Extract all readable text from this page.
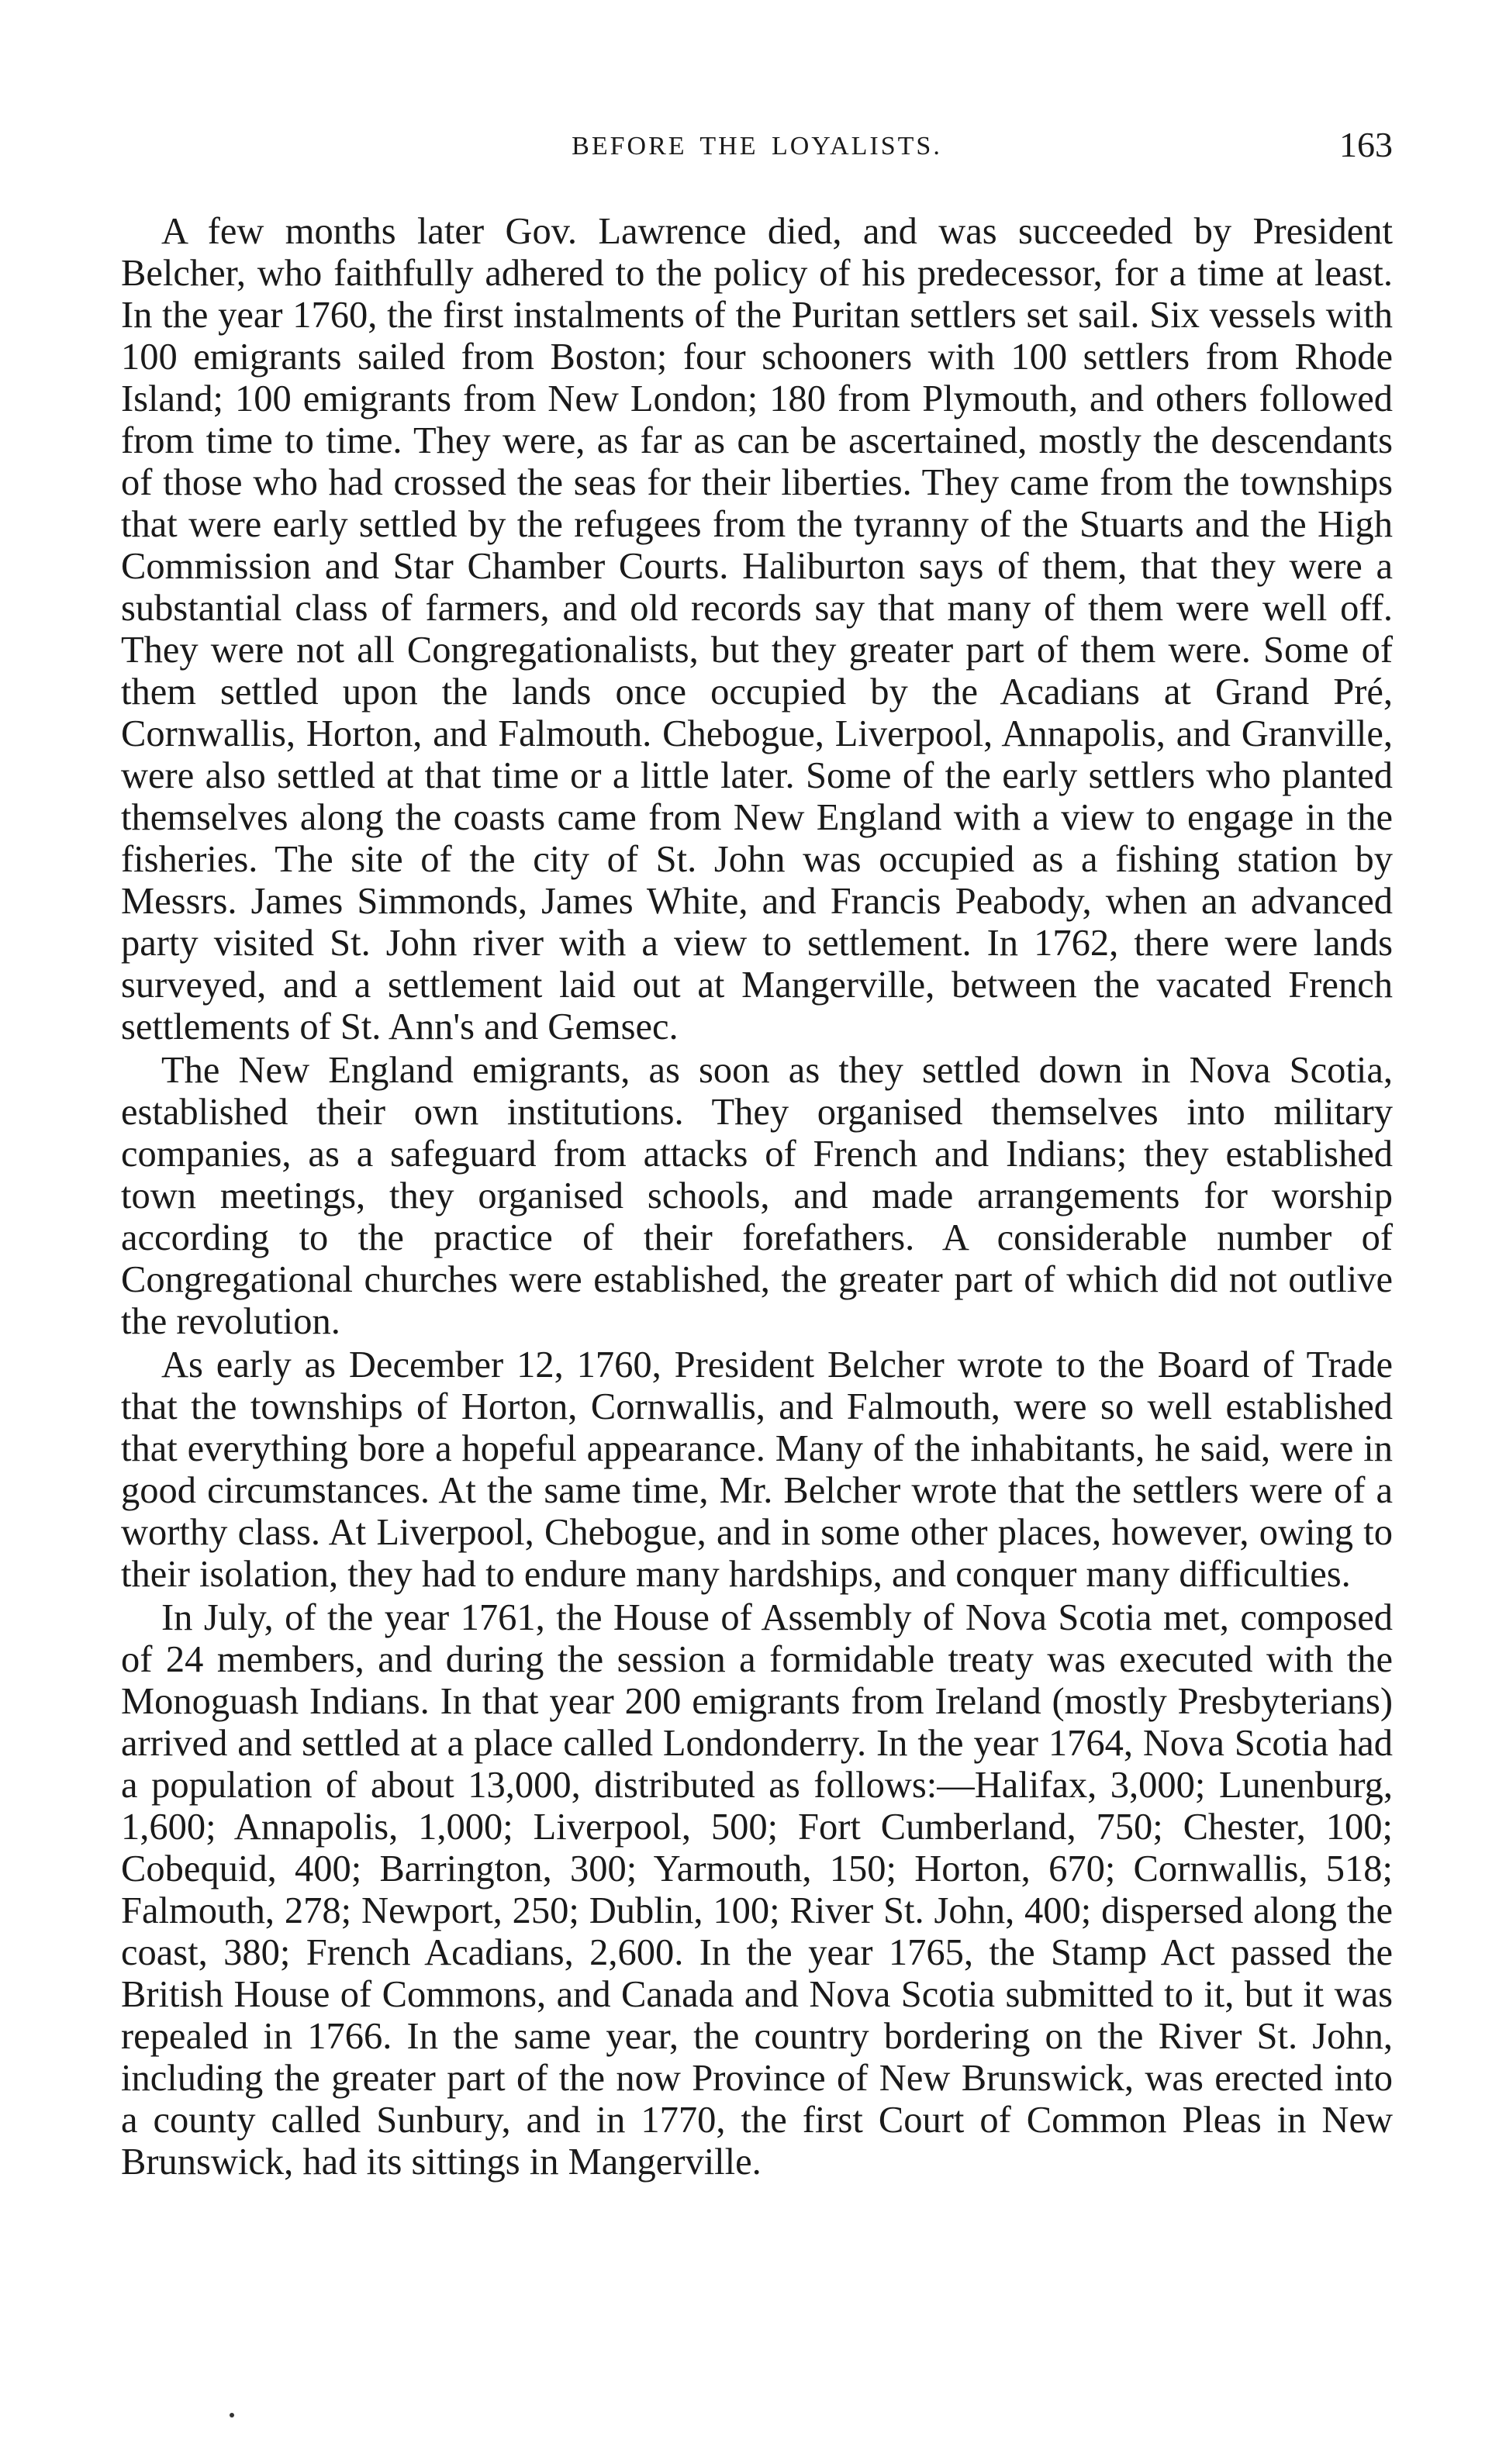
BEFORE THE LOYALISTS.	163

A few months later Gov. Lawrence died, and was succeeded by President Belcher, who faithfully adhered to the policy of his predecessor, for a time at least. In the year 1760, the first instalments of the Puritan settlers set sail. Six vessels with 100 emigrants sailed from Boston; four schooners with 100 settlers from Rhode Island; 100 emigrants from New London; 180 from Plymouth, and others followed from time to time. They were, as far as can be ascertained, mostly the descendants of those who had crossed the seas for their liberties. They came from the townships that were early settled by the refugees from the tyranny of the Stuarts and the High Commission and Star Chamber Courts. Haliburton says of them, that they were a substantial class of farmers, and old records say that many of them were well off. They were not all Congregationalists, but they greater part of them were. Some of them settled upon the lands once occupied by the Acadians at Grand Pré, Cornwallis, Horton, and Falmouth. Chebogue, Liverpool, Annapolis, and Granville, were also settled at that time or a little later. Some of the early settlers who planted themselves along the coasts came from New England with a view to engage in the fisheries. The site of the city of St. John was occupied as a fishing station by Messrs. James Simmonds, James White, and Francis Peabody, when an advanced party visited St. John river with a view to settlement. In 1762, there were lands surveyed, and a settlement laid out at Mangerville, between the vacated French settlements of St. Ann's and Gemsec.

The New England emigrants, as soon as they settled down in Nova Scotia, established their own institutions. They organised themselves into military companies, as a safeguard from attacks of French and Indians; they established town meetings, they organised schools, and made arrangements for worship according to the practice of their forefathers. A considerable number of Congregational churches were established, the greater part of which did not outlive the revolution.

As early as December 12, 1760, President Belcher wrote to the Board of Trade that the townships of Horton, Cornwallis, and Falmouth, were so well established that everything bore a hopeful appearance. Many of the inhabitants, he said, were in good circumstances. At the same time, Mr. Belcher wrote that the settlers were of a worthy class. At Liverpool, Chebogue, and in some other places, however, owing to their isolation, they had to endure many hardships, and conquer many difficulties.

In July, of the year 1761, the House of Assembly of Nova Scotia met, composed of 24 members, and during the session a formidable treaty was executed with the Monoguash Indians. In that year 200 emigrants from Ireland (mostly Presbyterians) arrived and settled at a place called Londonderry. In the year 1764, Nova Scotia had a population of about 13,000, distributed as follows:—Halifax, 3,000; Lunenburg, 1,600; Annapolis, 1,000; Liverpool, 500; Fort Cumberland, 750; Chester, 100; Cobequid, 400; Barrington, 300; Yarmouth, 150; Horton, 670; Cornwallis, 518; Falmouth, 278; Newport, 250; Dublin, 100; River St. John, 400; dispersed along the coast, 380; French Acadians, 2,600. In the year 1765, the Stamp Act passed the British House of Commons, and Canada and Nova Scotia submitted to it, but it was repealed in 1766. In the same year, the country bordering on the River St. John, including the greater part of the now Province of New Brunswick, was erected into a county called Sunbury, and in 1770, the first Court of Common Pleas in New Brunswick, had its sittings in Mangerville.
